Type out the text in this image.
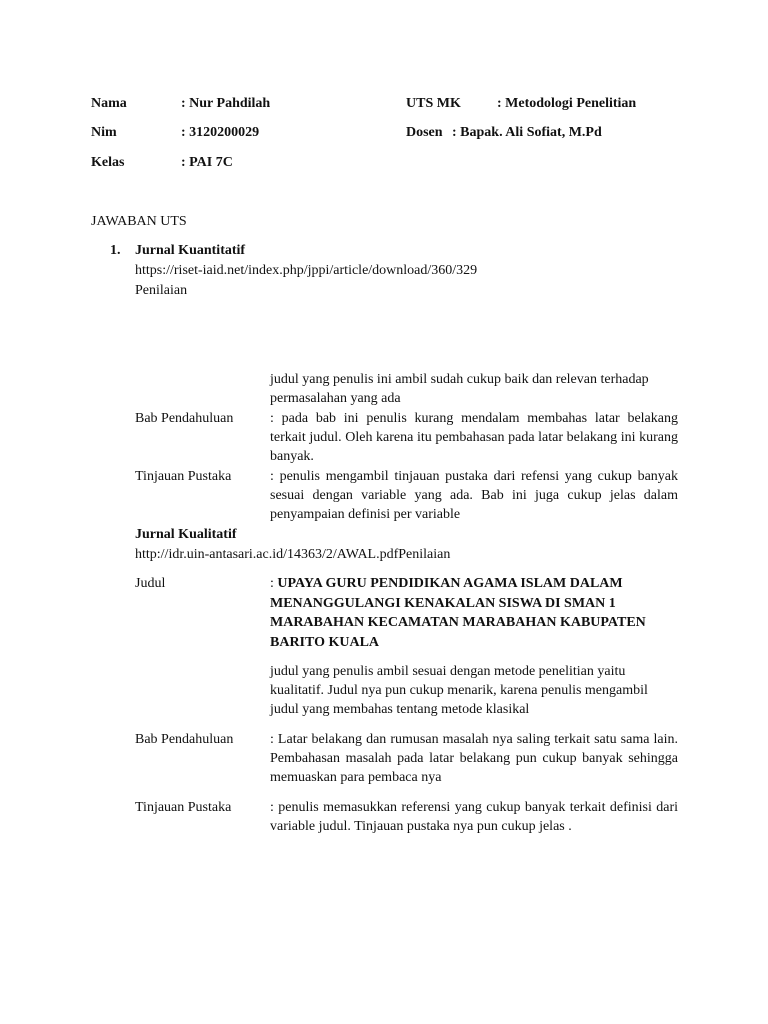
Nama	: Nur Pahdilah	UTS MK	: Metodologi Penelitian
Nim	: 3120200029	Dosen : Bapak. Ali Sofiat, M.Pd
Kelas	: PAI 7C
JAWABAN UTS
1. Jurnal Kuantitatif
https://riset-iaid.net/index.php/jppi/article/download/360/329
Penilaian
judul yang penulis ini ambil sudah cukup baik dan relevan terhadap permasalahan yang ada
Bab Pendahuluan	: pada bab ini penulis kurang mendalam membahas latar belakang terkait judul. Oleh karena itu pembahasan pada latar belakang ini kurang banyak.
Tinjauan Pustaka	: penulis mengambil tinjauan pustaka dari refensi yang cukup banyak sesuai dengan variable yang ada. Bab ini juga cukup jelas dalam penyampaian definisi per variable
Jurnal Kualitatif
http://idr.uin-antasari.ac.id/14363/2/AWAL.pdfPenilaian
Judul	: UPAYA GURU PENDIDIKAN AGAMA ISLAM DALAM MENANGGULANGI KENAKALAN SISWA DI SMAN 1 MARABAHAN KECAMATAN MARABAHAN KABUPATEN BARITO KUALA
judul yang penulis ambil sesuai dengan metode penelitian yaitu kualitatif. Judul nya pun cukup menarik, karena penulis mengambil judul yang membahas tentang metode klasikal
Bab Pendahuluan	: Latar belakang dan rumusan masalah nya saling terkait satu sama lain. Pembahasan masalah pada latar belakang pun cukup banyak sehingga memuaskan para pembaca nya
Tinjauan Pustaka	: penulis memasukkan referensi yang cukup banyak terkait definisi dari variable judul. Tinjauan pustaka nya pun cukup jelas .
